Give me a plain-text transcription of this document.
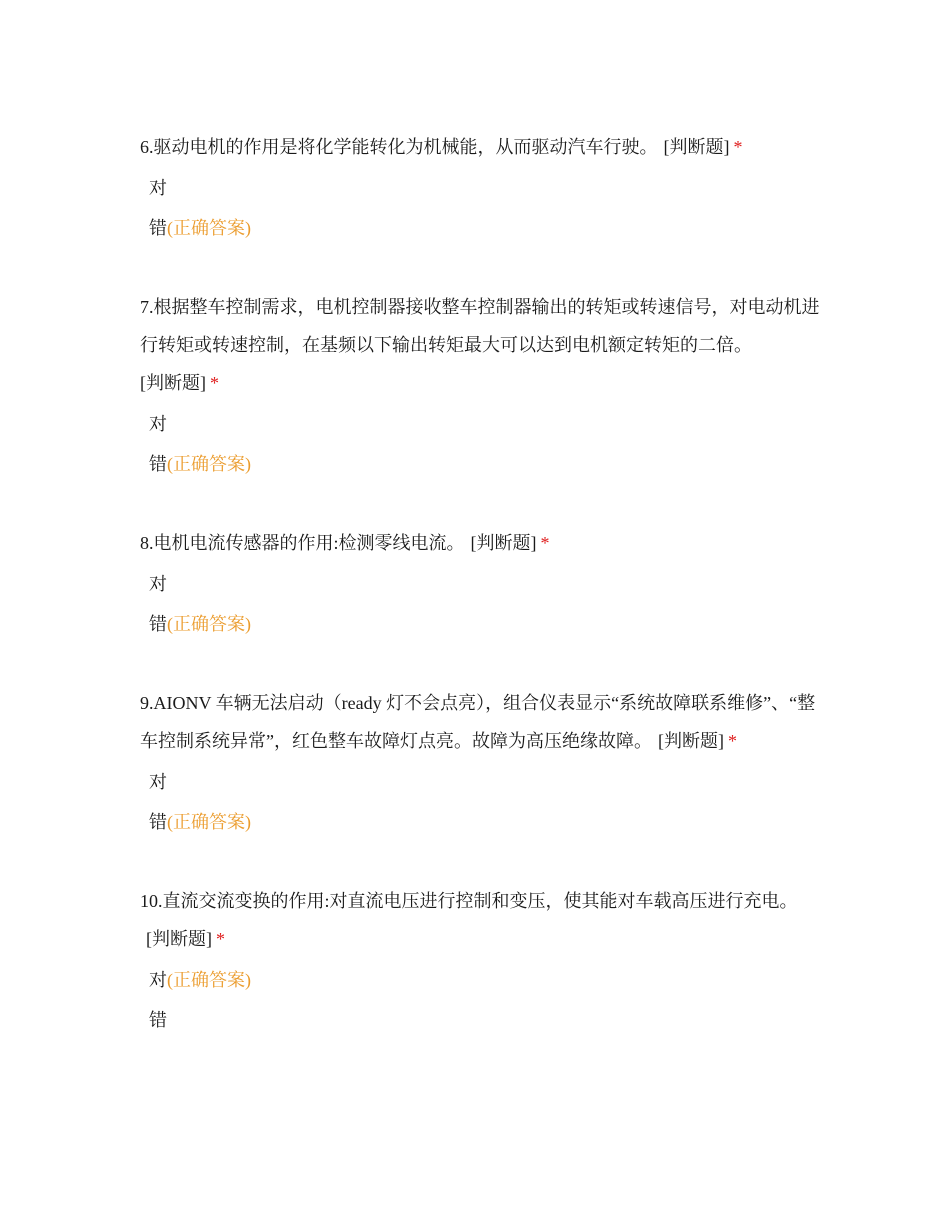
6.驱动电机的作用是将化学能转化为机械能，从而驱动汽车行驶。 [判断题] *

对
错(正确答案)

7.根据整车控制需求，电机控制器接收整车控制器输出的转矩或转速信号，对电动机进行转矩或转速控制，在基频以下输出转矩最大可以达到电机额定转矩的二倍。
[判断题] *

对
错(正确答案)

8.电机电流传感器的作用:检测零线电流。 [判断题] *

对
错(正确答案)

9.AIONV 车辆无法启动（ready 灯不会点亮），组合仪表显示“系统故障联系维修”、“整车控制系统异常”，红色整车故障灯点亮。故障为高压绝缘故障。 [判断题] *

对
错(正确答案)

10.直流交流变换的作用:对直流电压进行控制和变压，使其能对车载高压进行充电。[判断题] *

对(正确答案)
错
